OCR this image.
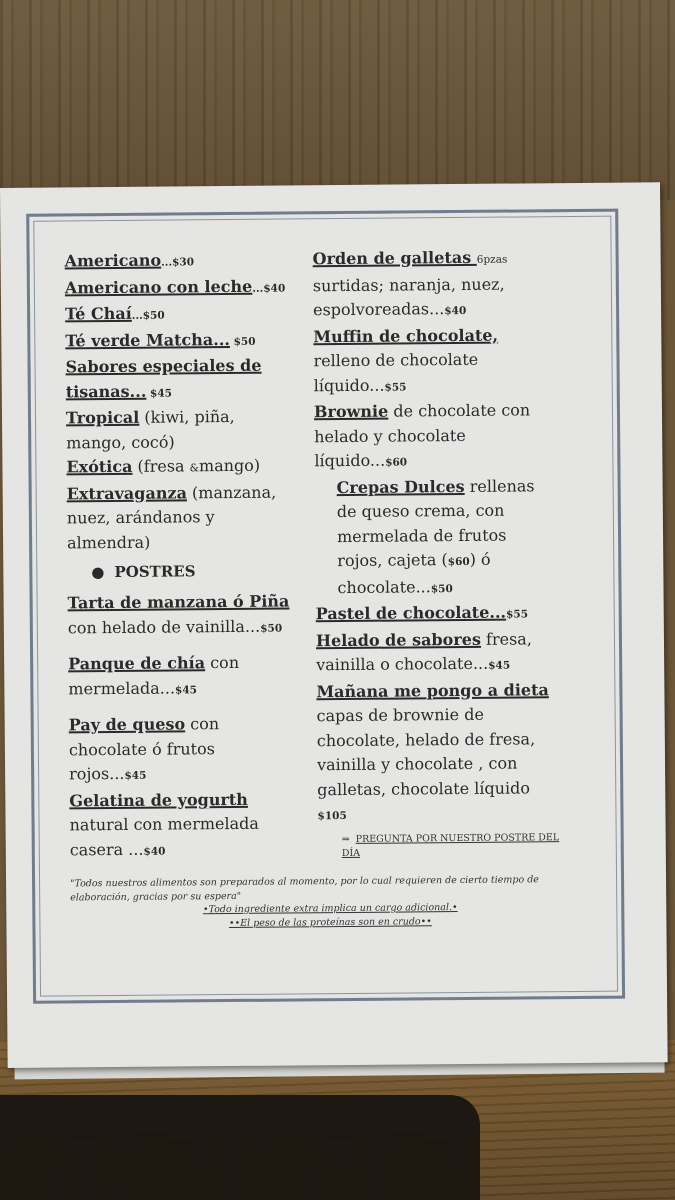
Americano...$30
Americano con leche...$40
Té Chaí...$50
Té verde Matcha... $50
Sabores especiales de
tisanas... $45
Tropical (kiwi, piña,
mango, cocó)
Exótica (fresa &mango)
Extravaganza (manzana,
nuez, arándanos y
almendra)
● POSTRES
Tarta de manzana ó Piña
con helado de vainilla...$50
Panque de chía con
mermelada...$45
Pay de queso con
chocolate ó frutos
rojos...$45
Gelatina de yogurth
natural con mermelada
casera ...$40
Orden de galletas 6pzas
surtidas; naranja, nuez,
espolvoreadas...$40
Muffin de chocolate,
relleno de chocolate
líquido...$55
Brownie de chocolate con
helado y chocolate
líquido...$60
Crepas Dulces rellenas
de queso crema, con
mermelada de frutos
rojos, cajeta ($60) ó
chocolate...$50
Pastel de chocolate...$55
Helado de sabores fresa,
vainilla o chocolate...$45
Mañana me pongo a dieta
capas de brownie de
chocolate, helado de fresa,
vainilla y chocolate , con
galletas, chocolate líquido
$105
⇒ PREGUNTA POR NUESTRO POSTRE DEL DÍA
"Todos nuestros alimentos son preparados al momento, por lo cual requieren de cierto tiempo de elaboración, gracias por su espera"
•Todo ingrediente extra implica un cargo adicional.•
••El peso de las proteínas son en crudo••
